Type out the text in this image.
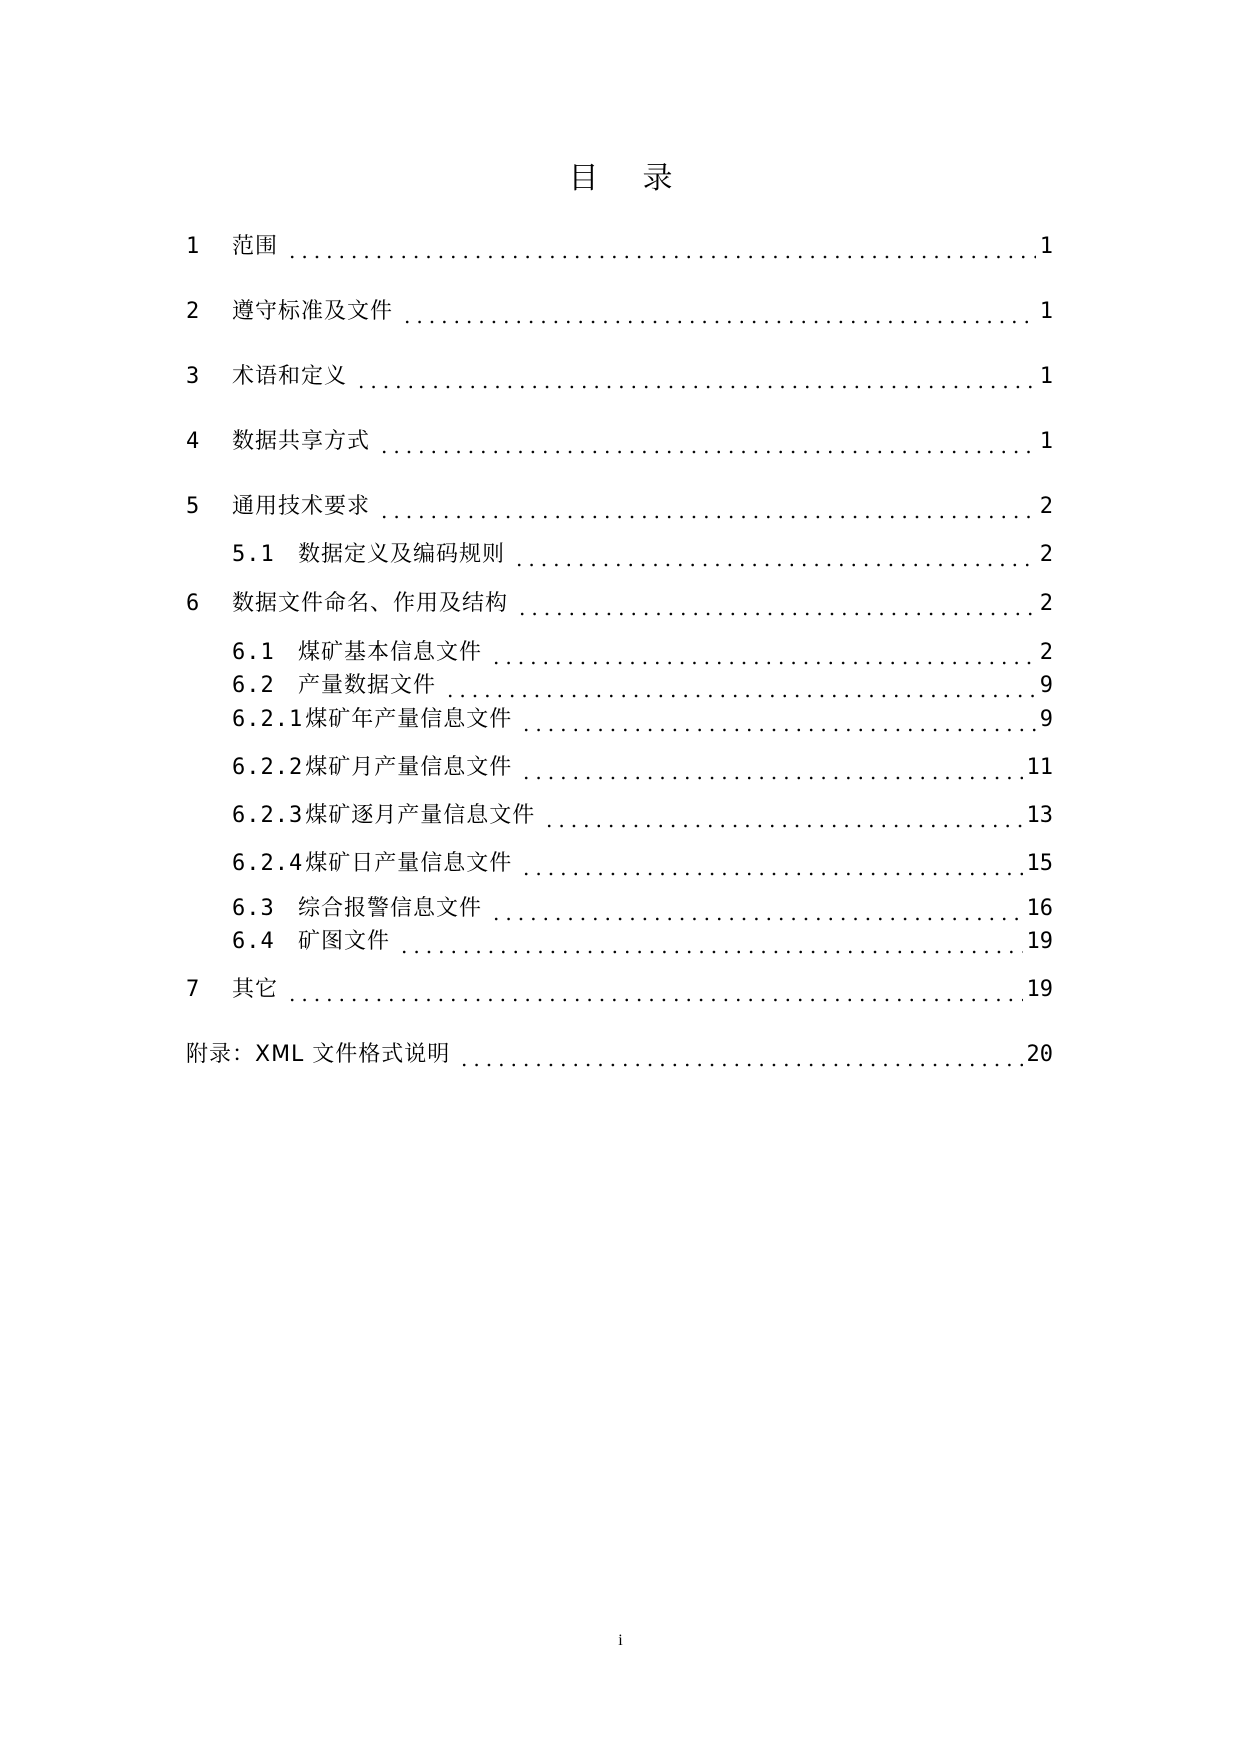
目录
1	范围	1
2	遵守标准及文件	1
3	术语和定义	1
4	数据共享方式	1
5	通用技术要求	2
5.1	数据定义及编码规则	2
6	数据文件命名、作用及结构	2
6.1	煤矿基本信息文件	2
6.2	产量数据文件	9
6.2.1 煤矿年产量信息文件	9
6.2.2 煤矿月产量信息文件	11
6.2.3 煤矿逐月产量信息文件	13
6.2.4 煤矿日产量信息文件	15
6.3	综合报警信息文件	16
6.4	矿图文件	19
7	其它	19
附录：XML 文件格式说明	20
i
